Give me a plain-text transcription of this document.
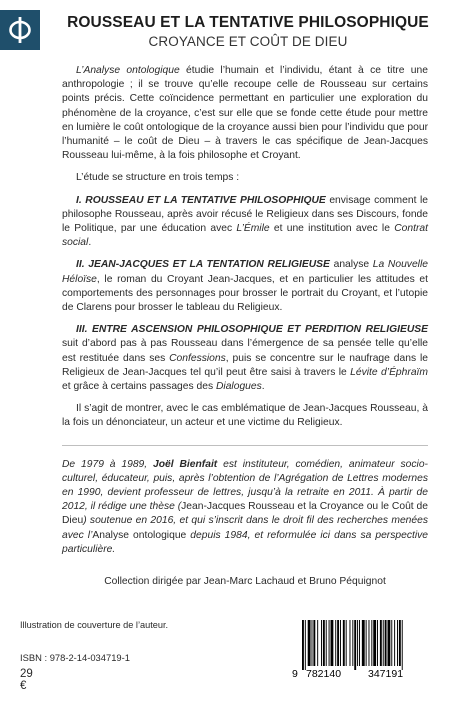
ROUSSEAU ET LA TENTATIVE PHILOSOPHIQUE
CROYANCE ET COÛT DE DIEU

L’Analyse ontologique étudie l’humain et l’individu, étant à ce titre une anthropologie ; il se trouve qu’elle recoupe celle de Rousseau sur certains points précis. Cette coïncidence permettant en particulier une exploration du phénomène de la croyance, c’est sur elle que se fonde cette étude pour mettre en lumière le coût ontologique de la croyance aussi bien pour l’individu que pour l’humanité – le coût de Dieu – à travers le cas spécifique de Jean-Jacques Rousseau lui-même, à la fois philosophe et Croyant.

L’étude se structure en trois temps :

I. ROUSSEAU ET LA TENTATIVE PHILOSOPHIQUE envisage comment le philosophe Rousseau, après avoir récusé le Religieux dans ses Discours, fonde le Politique, par une éducation avec L’Émile et une institution avec le Contrat social.

II. JEAN-JACQUES ET LA TENTATION RELIGIEUSE analyse La Nouvelle Héloïse, le roman du Croyant Jean-Jacques, et en particulier les attitudes et comportements des personnages pour brosser le portrait du Croyant, et l’utopie de Clarens pour brosser le tableau du Religieux.

III. ENTRE ASCENSION PHILOSOPHIQUE ET PERDITION RELIGIEUSE suit d’abord pas à pas Rousseau dans l’émergence de sa pensée telle qu’elle est restituée dans ses Confessions, puis se concentre sur le naufrage dans le Religieux de Jean-Jacques tel qu’il peut être saisi à travers le Lévite d’Éphraïm et grâce à certains passages des Dialogues.

Il s’agit de montrer, avec le cas emblématique de Jean-Jacques Rousseau, à la fois un dénonciateur, un acteur et une victime du Religieux.

De 1979 à 1989, Joël Bienfait est instituteur, comédien, animateur socio-culturel, éducateur, puis, après l’obtention de l’Agrégation de Lettres modernes en 1990, devient professeur de lettres, jusqu’à la retraite en 2011. À partir de 2012, il rédige une thèse (Jean-Jacques Rousseau et la Croyance ou le Coût de Dieu) soutenue en 2016, et qui s’inscrit dans le droit fil des recherches menées avec l’Analyse ontologique depuis 1984, et reformulée ici dans sa perspective particulière.

Collection dirigée par Jean-Marc Lachaud et Bruno Péquignot
Illustration de couverture de l’auteur.
ISBN : 978-2-14-034719-1
29 €
9 782140	347191
